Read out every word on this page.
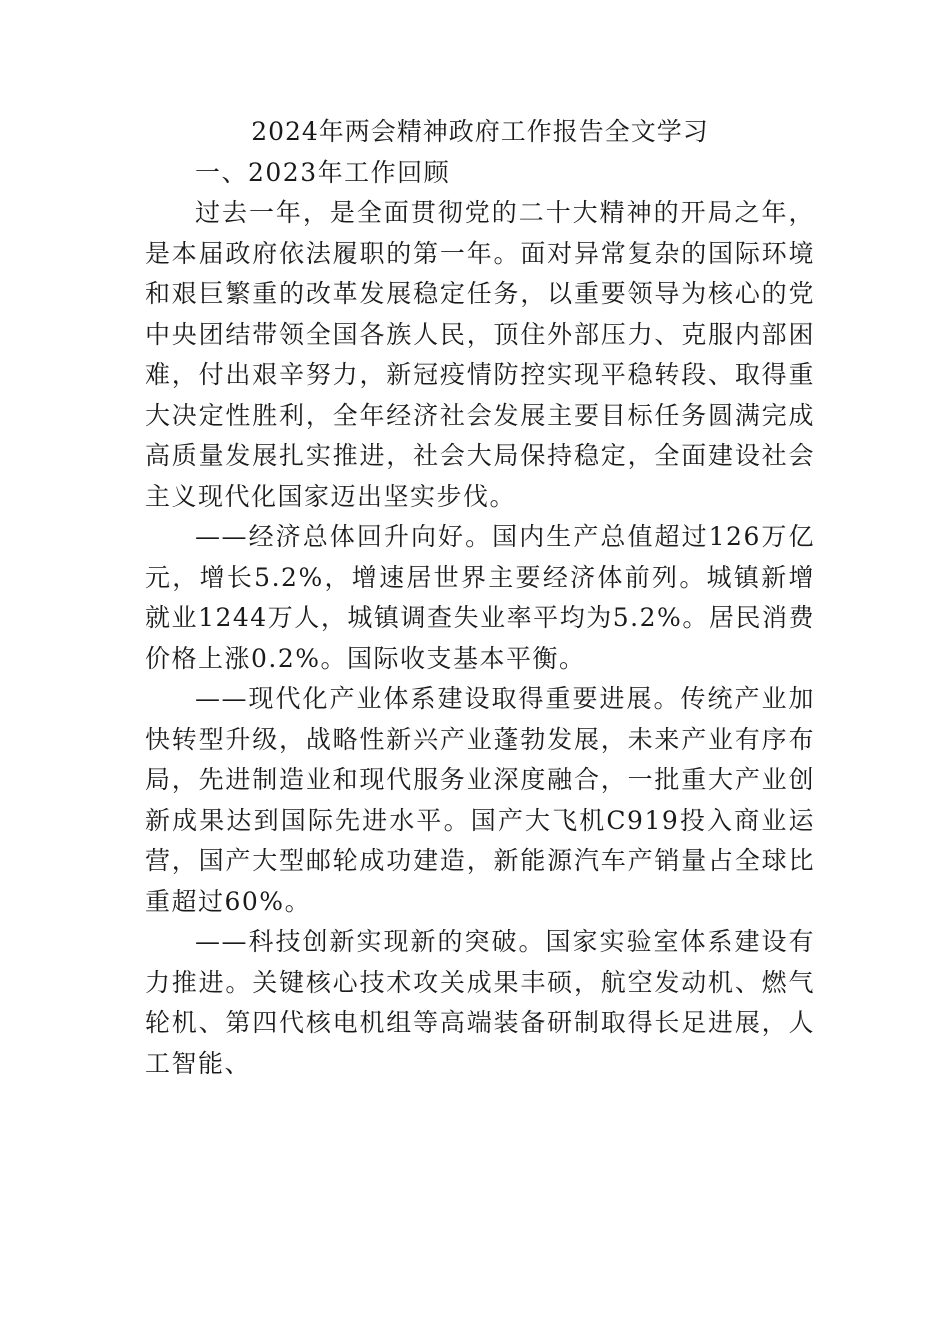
2024年两会精神政府工作报告全文学习
一、2023年工作回顾

过去一年，是全面贯彻党的二十大精神的开局之年，是本届政府依法履职的第一年。面对异常复杂的国际环境和艰巨繁重的改革发展稳定任务，以重要领导为核心的党中央团结带领全国各族人民，顶住外部压力、克服内部困难，付出艰辛努力，新冠疫情防控实现平稳转段、取得重大决定性胜利，全年经济社会发展主要目标任务圆满完成高质量发展扎实推进，社会大局保持稳定，全面建设社会主义现代化国家迈出坚实步伐。

——经济总体回升向好。国内生产总值超过126万亿元，增长5.2%，增速居世界主要经济体前列。城镇新增就业1244万人，城镇调查失业率平均为5.2%。居民消费价格上涨0.2%。国际收支基本平衡。

——现代化产业体系建设取得重要进展。传统产业加快转型升级，战略性新兴产业蓬勃发展，未来产业有序布局，先进制造业和现代服务业深度融合，一批重大产业创新成果达到国际先进水平。国产大飞机C919投入商业运营，国产大型邮轮成功建造，新能源汽车产销量占全球比重超过60%。

——科技创新实现新的突破。国家实验室体系建设有力推进。关键核心技术攻关成果丰硕，航空发动机、燃气轮机、第四代核电机组等高端装备研制取得长足进展，人工智能、
